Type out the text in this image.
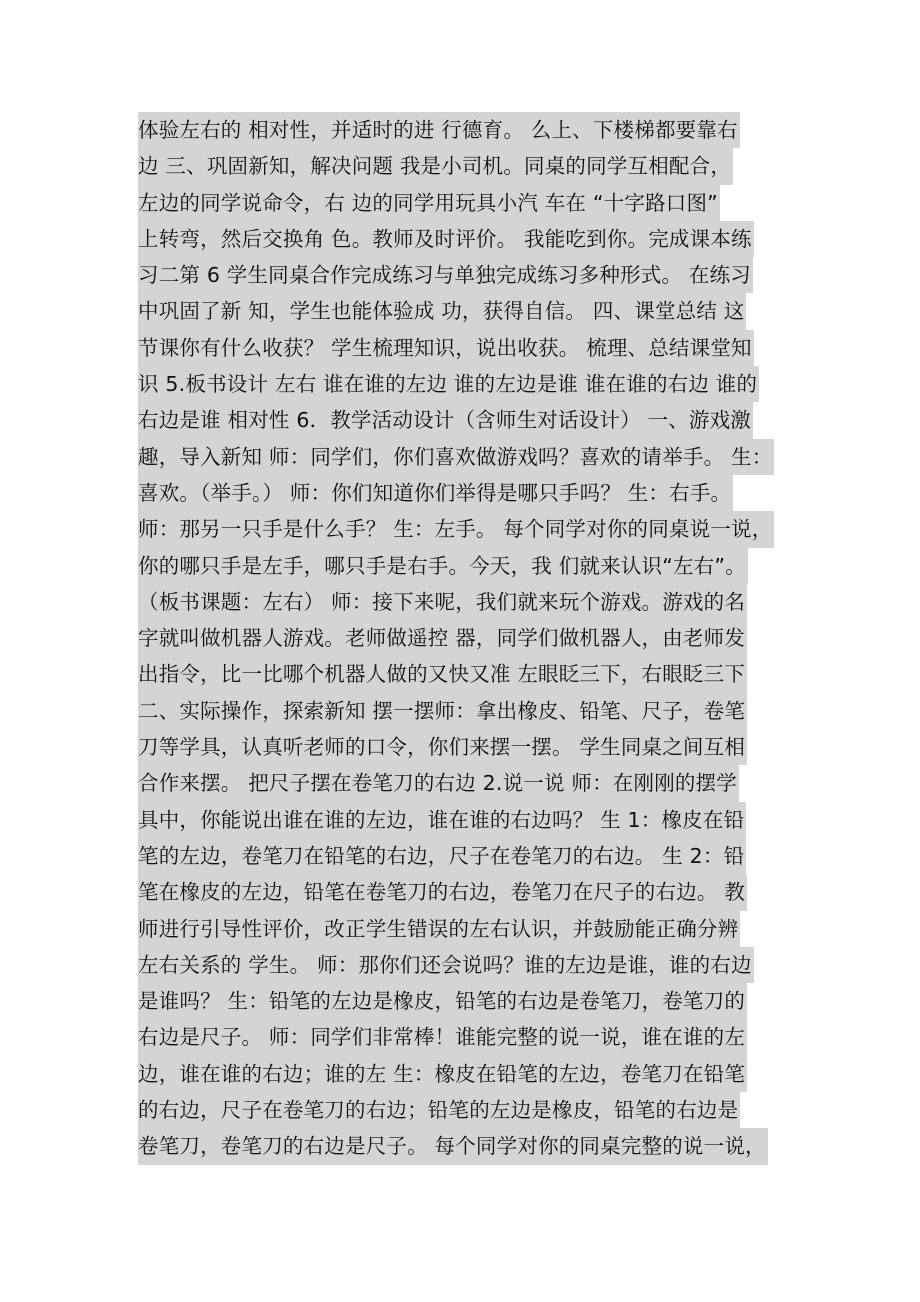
体验左右的 相对性，并适时的进 行德育。 么上、下楼梯都要靠右
边 三、巩固新知，解决问题 我是小司机。同桌的同学互相配合，
左边的同学说命令，右 边的同学用玩具小汽 车在 “十字路口图”
上转弯，然后交换角 色。教师及时评价。 我能吃到你。完成课本练
习二第 6 学生同桌合作完成练习与单独完成练习多种形式。 在练习
中巩固了新 知，学生也能体验成 功，获得自信。 四、课堂总结 这
节课你有什么收获？ 学生梳理知识，说出收获。 梳理、总结课堂知
识 5.板书设计 左右 谁在谁的左边 谁的左边是谁 谁在谁的右边 谁的
右边是谁 相对性 6．教学活动设计（含师生对话设计） 一、游戏激
趣，导入新知 师：同学们，你们喜欢做游戏吗？喜欢的请举手。 生：
喜欢。（举手。） 师：你们知道你们举得是哪只手吗？ 生：右手。
师：那另一只手是什么手？ 生：左手。 每个同学对你的同桌说一说，
你的哪只手是左手，哪只手是右手。今天，我 们就来认识“左右”。
（板书课题：左右） 师：接下来呢，我们就来玩个游戏。游戏的名
字就叫做机器人游戏。老师做遥控 器，同学们做机器人，由老师发
出指令，比一比哪个机器人做的又快又准 左眼眨三下，右眼眨三下
二、实际操作，探索新知 摆一摆师：拿出橡皮、铅笔、尺子，卷笔
刀等学具，认真听老师的口令，你们来摆一摆。 学生同桌之间互相
合作来摆。 把尺子摆在卷笔刀的右边 2.说一说 师：在刚刚的摆学
具中，你能说出谁在谁的左边，谁在谁的右边吗？ 生 1：橡皮在铅
笔的左边，卷笔刀在铅笔的右边，尺子在卷笔刀的右边。 生 2：铅
笔在橡皮的左边，铅笔在卷笔刀的右边，卷笔刀在尺子的右边。 教
师进行引导性评价，改正学生错误的左右认识，并鼓励能正确分辨
左右关系的 学生。 师：那你们还会说吗？谁的左边是谁，谁的右边
是谁吗？ 生：铅笔的左边是橡皮，铅笔的右边是卷笔刀，卷笔刀的
右边是尺子。 师：同学们非常棒！谁能完整的说一说，谁在谁的左
边，谁在谁的右边；谁的左 生：橡皮在铅笔的左边，卷笔刀在铅笔
的右边，尺子在卷笔刀的右边；铅笔的左边是橡皮，铅笔的右边是
卷笔刀，卷笔刀的右边是尺子。 每个同学对你的同桌完整的说一说，
